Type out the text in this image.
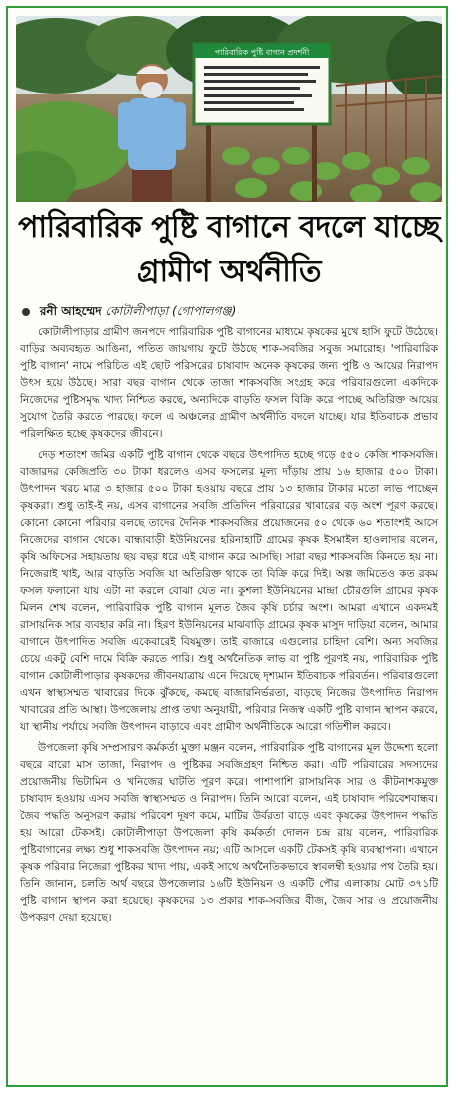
পারিবারিক পুষ্টি বাগান প্রদর্শনী
পারিবারিক পুষ্টি বাগানে বদলে যাচ্ছে গ্রামীণ অর্থনীতি
রনী আহম্মেদ কোটালীপাড়া (গোপালগঞ্জ)

কোটালীপাড়ার গ্রামীণ জনপদে পারিবারিক পুষ্টি বাগানের মাধ্যমে কৃষকের মুখে হাসি ফুটে উঠেছে। বাড়ির অব্যবহৃত আঙিনা, পতিত জায়গায় ফুটে উঠছে শাক-সবজির সবুজ সমারোহ। 'পারিবারিক পুষ্টি বাগান' নামে পরিচিত এই ছোট পরিসরের চাষাবাদ অনেক কৃষকের জন্য পুষ্টি ও আয়ের নিরাপদ উৎস হয়ে উঠছে। সারা বছর বাগান থেকে তাজা শাকসবজি সংগ্রহ করে পরিবারগুলো একদিকে নিজেদের পুষ্টিসমৃদ্ধ খাদ্য নিশ্চিত করছে, অন্যদিকে বাড়তি ফসল বিক্রি করে পাচ্ছে অতিরিক্ত আয়ের সুযোগ তৈরি করতে পারছে। ফলে এ অঞ্চলের গ্রামীণ অর্থনীতি বদলে যাচ্ছে। যার ইতিবাচক প্রভাব পরিলক্ষিত হচ্ছে কৃষকদের জীবনে।

দেড় শতাংশ জমির একটি পুষ্টি বাগান থেকে বছরে উৎপাদিত হচ্ছে গড়ে ৫৫০ কেজি শাকসবজি। বাজারদর কেজিপ্রতি ৩০ টাকা ধরলেও এসব ফসলের মূল্য দাঁড়ায় প্রায় ১৬ হাজার ৫০০ টাকা। উৎপাদন খরচ মাত্র ৩ হাজার ৫০০ টাকা হওয়ায় বছরে প্রায় ১৩ হাজার টাকার মতো লাভ পাচ্ছেন কৃষকরা। শুধু তাই-ই নয়, এসব বাগানের সবজি প্রতিদিন পরিবারের খাবারের বড় অংশ পূরণ করছে। কোনো কোনো পরিবার বলছে তাদের দৈনিক শাকসবজির প্রয়োজনের ৫০ থেকে ৬০ শতাংশই আসে নিজেদের বাগান থেকে। বান্ধাবাড়ী ইউনিয়নের হরিনাহাটি গ্রামের কৃষক ইসমাইল হাওলাদার বলেন, কৃষি অফিসের সহায়তায় ছয় বছর ধরে এই বাগান করে আসছি। সারা বছর শাকসবজি কিনতে হয় না। নিজেরাই খাই, আর বাড়তি সবজি যা অতিরিক্ত থাকে তা বিক্রি করে দিই। অল্প জমিতেও কত রকম ফসল ফলানো যায় এটা না করলে বোঝা যেত না। কুশলা ইউনিয়নের মান্দ্রা চৌরগুলি গ্রামের কৃষক মিলন শেখ বলেন, পারিবারিক পুষ্টি বাগান মূলত জৈব কৃষি চর্চার অংশ। আমরা এখানে একদমই রাসায়নিক সার ব্যবহার করি না। হিরণ ইউনিয়নের মাঝবাড়ি গ্রামের কৃষক মাসুদ দাড়িয়া বলেন, আমার বাগানে উৎপাদিত সবজি একেবারেই বিষমুক্ত। তাই বাজারে এগুলোর চাহিদা বেশি। অন্য সবজির চেয়ে একটু বেশি দামে বিক্রি করতে পারি। শুধু অর্থনৈতিক লাভ বা পুষ্টি পূরণই নয়, পারিবারিক পুষ্টি বাগান কোটালীপাড়ার কৃষকদের জীবনযাত্রায় এনে দিয়েছে দৃশ্যমান ইতিবাচক পরিবর্তন। পরিবারগুলো এখন স্বাস্থ্যসম্মত খাবারের দিকে ঝুঁকছে, কমছে বাজারনির্ভরতা, বাড়ছে নিজের উৎপাদিত নিরাপদ খাবারের প্রতি আস্থা। উপজেলায় প্রাপ্ত তথ্য অনুযায়ী, পরিবার নিজস্ব একটি পুষ্টি বাগান স্থাপন করবে, যা স্থানীয় পর্যায়ে সবজি উৎপাদন বাড়াবে এবং গ্রামীণ অর্থনীতিকে আরো গতিশীল করবে।

উপজেলা কৃষি সম্প্রসারণ কর্মকর্তা মুক্তা মঞ্জন বলেন, পারিবারিক পুষ্টি বাগানের মূল উদ্দেশ্য হলো বছরে বারো মাস তাজা, নিরাপদ ও পুষ্টিকর সবজিগ্রহণ নিশ্চিত করা। এটি পরিবারের সদস্যদের প্রয়োজনীয় ভিটামিন ও খনিজের ঘাটতি পূরণ করে। পাশাপাশি রাসায়নিক সার ও কীটনাশকমুক্ত চাষাবাদ হওয়ায় এসব সবজি স্বাস্থ্যসম্মত ও নিরাপদ। তিনি আরো বলেন, এই চাষাবাদ পরিবেশবান্ধব। জৈব পদ্ধতি অনুসরণ করায় পরিবেশ দূষণ কমে, মাটির উর্বরতা বাড়ে এবং কৃষকের উৎপাদন পদ্ধতি হয় আরো টেকসই। কোটালীপাড়া উপজেলা কৃষি কর্মকর্তা দোলন চন্দ্র রায় বলেন, পারিবারিক পুষ্টিবাগানের লক্ষ্য শুধু শাকসবজি উৎপাদন নয়; এটি আসলে একটি টেকসই কৃষি ব্যবস্থাপনা। এখানে কৃষক পরিবার নিজেরা পুষ্টিকর খাদ্য পায়, একই সাথে অর্থনৈতিকভাবে স্বাবলম্বী হওয়ার পথ তৈরি হয়। তিনি জানান, চলতি অর্থ বছরে উপজেলার ১৬টি ইউনিয়ন ও একটি পৌর এলাকায় মোট ৩৭১টি পুষ্টি বাগান স্থাপন করা হয়েছে। কৃষকদের ১৩ প্রকার শাক-সবজির বীজ, জৈব সার ও প্রয়োজনীয় উপকরণ দেয়া হয়েছে।
